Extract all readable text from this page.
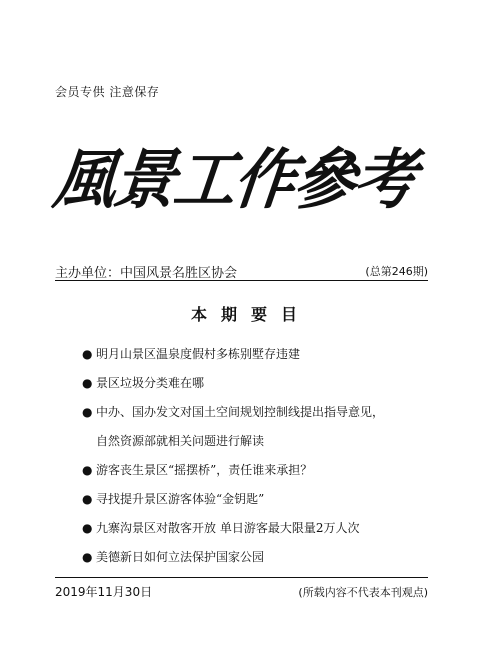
会员专供 注意保存
風景工作參考
主办单位：中国风景名胜区协会	(总第246期)
本期要目
● 明月山景区温泉度假村多栋别墅存违建
● 景区垃圾分类难在哪
● 中办、国办发文对国土空间规划控制线提出指导意见，
自然资源部就相关问题进行解读
● 游客丧生景区“摇摆桥”，责任谁来承担？
● 寻找提升景区游客体验“金钥匙”
● 九寨沟景区对散客开放 单日游客最大限量2万人次
● 美德新日如何立法保护国家公园
2019年11月30日	(所载内容不代表本刊观点)
